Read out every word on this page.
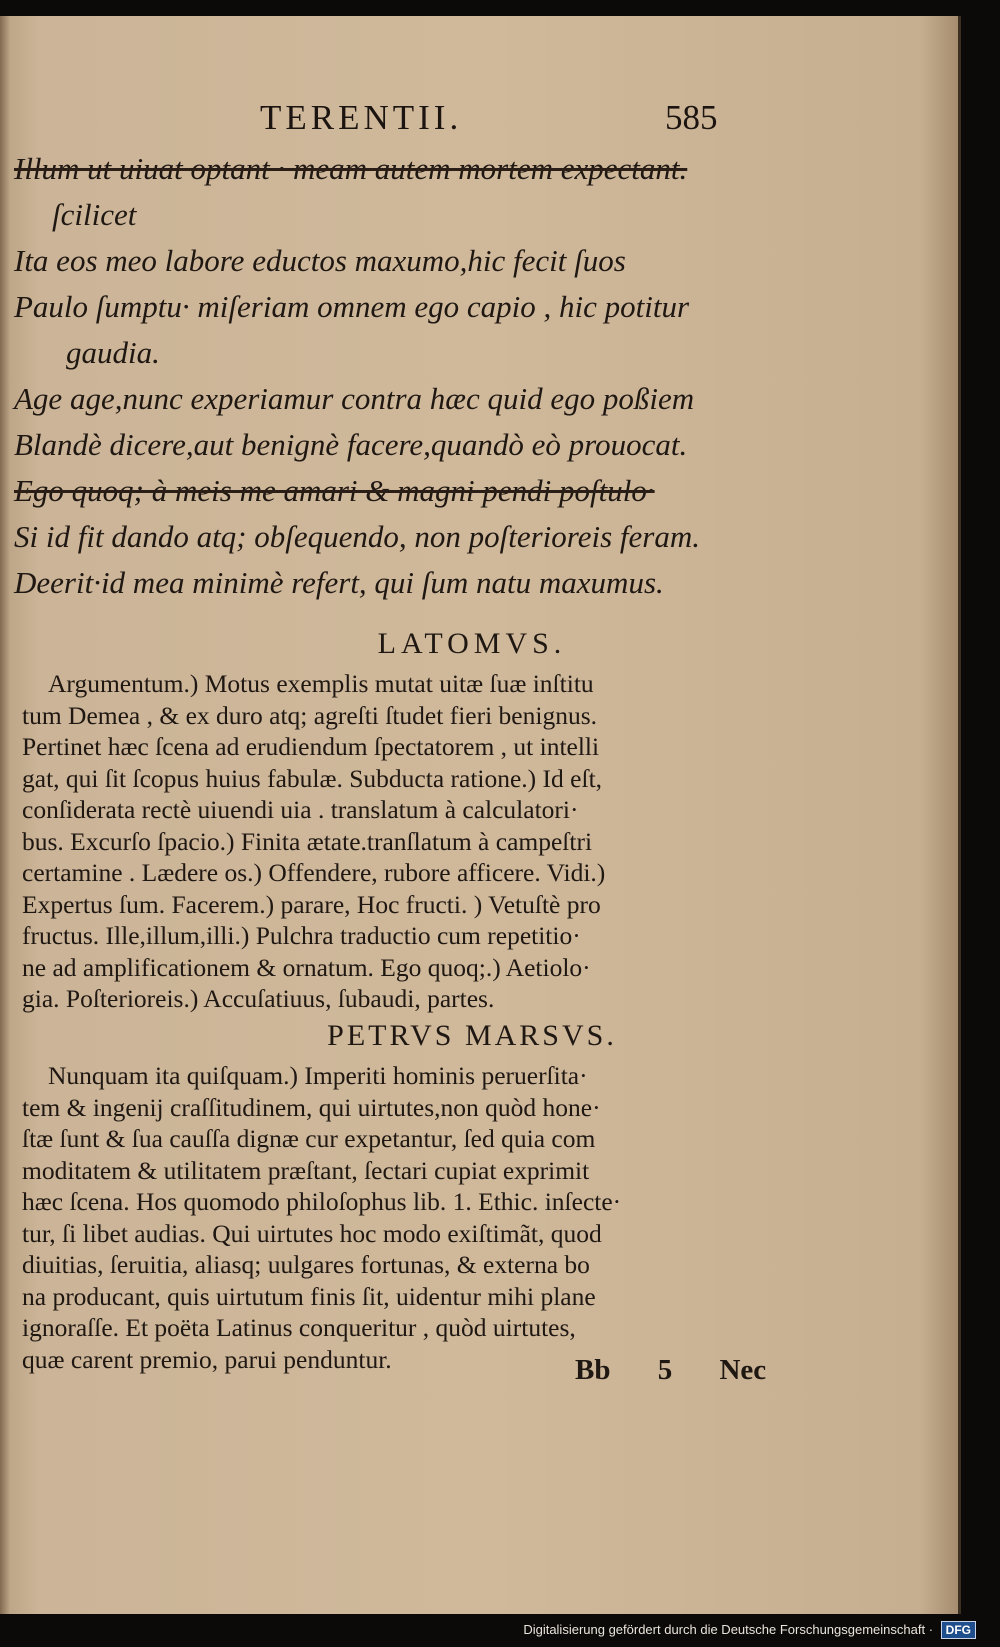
TERENTII.	585
Illum ut uiuat optant · meam autem mortem expectant.
ſcilicet
Ita eos meo labore eductos maxumo,hic fecit ſuos
Paulo ſumptu· miſeriam omnem ego capio , hic potitur
gaudia.
Age age,nunc experiamur contra hæc quid ego poßiem
Blandè dicere,aut benignè facere,quandò eò prouocat.
Ego quoq; à meis me amari & magni pendi poſtulo·
Si id fit dando atq; obſequendo, non poſterioreis feram.
Deerit·id mea minimè refert, qui ſum natu maxumus.
LATOMVS.
Argumentum.) Motus exemplis mutat uitæ ſuæ inſtitu
tum Demea , & ex duro atq; agreſti ſtudet fieri benignus.
Pertinet hæc ſcena ad erudiendum ſpectatorem , ut intelli
gat, qui ſit ſcopus huius fabulæ. Subducta ratione.) Id eſt,
conſiderata rectè uiuendi uia . translatum à calculatori·
bus. Excurſo ſpacio.) Finita ætate.tranſlatum à campeſtri
certamine . Lædere os.) Offendere, rubore afficere. Vidi.)
Expertus ſum. Facerem.) parare, Hoc fructi. ) Vetuſtè pro
fructus. Ille,illum,illi.) Pulchra traductio cum repetitio·
ne ad amplificationem & ornatum. Ego quoq;.) Aetiolo·
gia. Poſterioreis.) Accuſatiuus, ſubaudi, partes.
PETRVS MARSVS.
Nunquam ita quiſquam.) Imperiti hominis peruerſita·
tem & ingenij craſſitudinem, qui uirtutes,non quòd hone·
ſtæ ſunt & ſua cauſſa dignæ cur expetantur, ſed quia com
moditatem & utilitatem præſtant, ſectari cupiat exprimit
hæc ſcena. Hos quomodo philoſophus lib. 1. Ethic. inſecte·
tur, ſi libet audias. Qui uirtutes hoc modo exiſtimãt, quod
diuitias, ſeruitia, aliasq; uulgares fortunas, & externa bo
na producant, quis uirtutum finis ſit, uidentur mihi plane
ignoraſſe. Et poëta Latinus conqueritur , quòd uirtutes,
quæ carent premio, parui penduntur.	Bb 5 Nec
Digitalisierung gefördert durch die Deutsche Forschungsgemeinschaft · DFG
